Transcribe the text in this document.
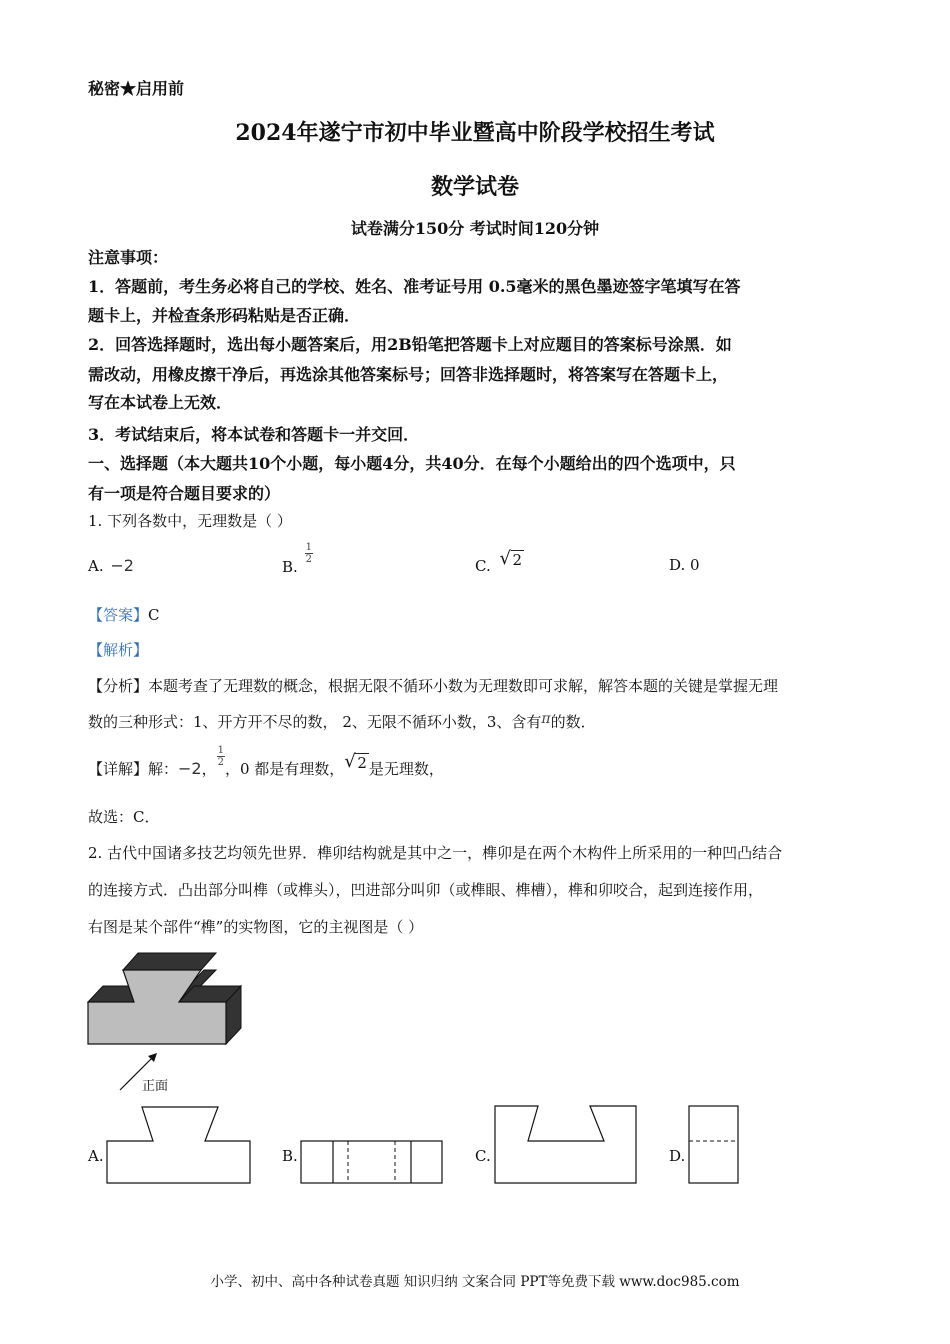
秘密★启用前
2024年遂宁市初中毕业暨高中阶段学校招生考试
数学试卷
试卷满分150分 考试时间120分钟
注意事项：
1．答题前，考生务必将自己的学校、姓名、准考证号用 0.5毫米的黑色墨迹签字笔填写在答
题卡上，并检查条形码粘贴是否正确．
2．回答选择题时，选出每小题答案后，用2B铅笔把答题卡上对应题目的答案标号涂黑．如
需改动，用橡皮擦干净后，再选涂其他答案标号；回答非选择题时，将答案写在答题卡上，
写在本试卷上无效．
3．考试结束后，将本试卷和答题卡一并交回．
一、选择题（本大题共10个小题，每小题4分，共40分．在每个小题给出的四个选项中，只
有一项是符合题目要求的）
1. 下列各数中，无理数是（ ）
A. −2	B.
$\frac{1}{2}$
C. √ 2	D. 0
【答案】C
【解析】
【分析】本题考查了无理数的概念，根据无限不循环小数为无理数即可求解，解答本题的关键是掌握无理
数的三种形式：1、开方开不尽的数， 2、无限不循环小数，3、含有π的数．
【详解】解：−2，
$\frac{1}{2}$
，0 都是有理数， √ 2 是无理数，
故选：C．
2. 古代中国诸多技艺均领先世界．榫卯结构就是其中之一，榫卯是在两个木构件上所采用的一种凹凸结合
的连接方式．凸出部分叫榫（或榫头），凹进部分叫卯（或榫眼、榫槽），榫和卯咬合，起到连接作用，
右图是某个部件“榫”的实物图，它的主视图是（ ）
正面
A.	B.	C.	D.
小学、初中、高中各种试卷真题 知识归纳 文案合同 PPT等免费下载 www.doc985.com
